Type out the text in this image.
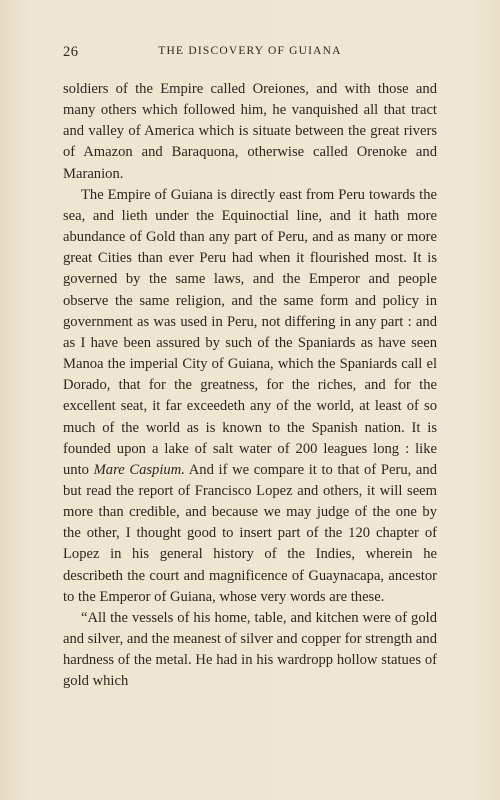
26	THE DISCOVERY OF GUIANA

soldiers of the Empire called Oreiones, and with those and many others which followed him, he vanquished all that tract and valley of America which is situate between the great rivers of Amazon and Baraquona, otherwise called Orenoke and Maranion.

The Empire of Guiana is directly east from Peru towards the sea, and lieth under the Equinoctial line, and it hath more abundance of Gold than any part of Peru, and as many or more great Cities than ever Peru had when it flourished most. It is governed by the same laws, and the Emperor and people observe the same religion, and the same form and policy in government as was used in Peru, not differing in any part : and as I have been assured by such of the Spaniards as have seen Manoa the imperial City of Guiana, which the Spaniards call el Dorado, that for the greatness, for the riches, and for the excellent seat, it far exceedeth any of the world, at least of so much of the world as is known to the Spanish nation. It is founded upon a lake of salt water of 200 leagues long : like unto Mare Caspium. And if we compare it to that of Peru, and but read the report of Francisco Lopez and others, it will seem more than credible, and because we may judge of the one by the other, I thought good to insert part of the 120 chapter of Lopez in his general history of the Indies, wherein he describeth the court and magnificence of Guaynacapa, ancestor to the Emperor of Guiana, whose very words are these.

“All the vessels of his home, table, and kitchen were of gold and silver, and the meanest of silver and copper for strength and hardness of the metal. He had in his wardropp hollow statues of gold which
